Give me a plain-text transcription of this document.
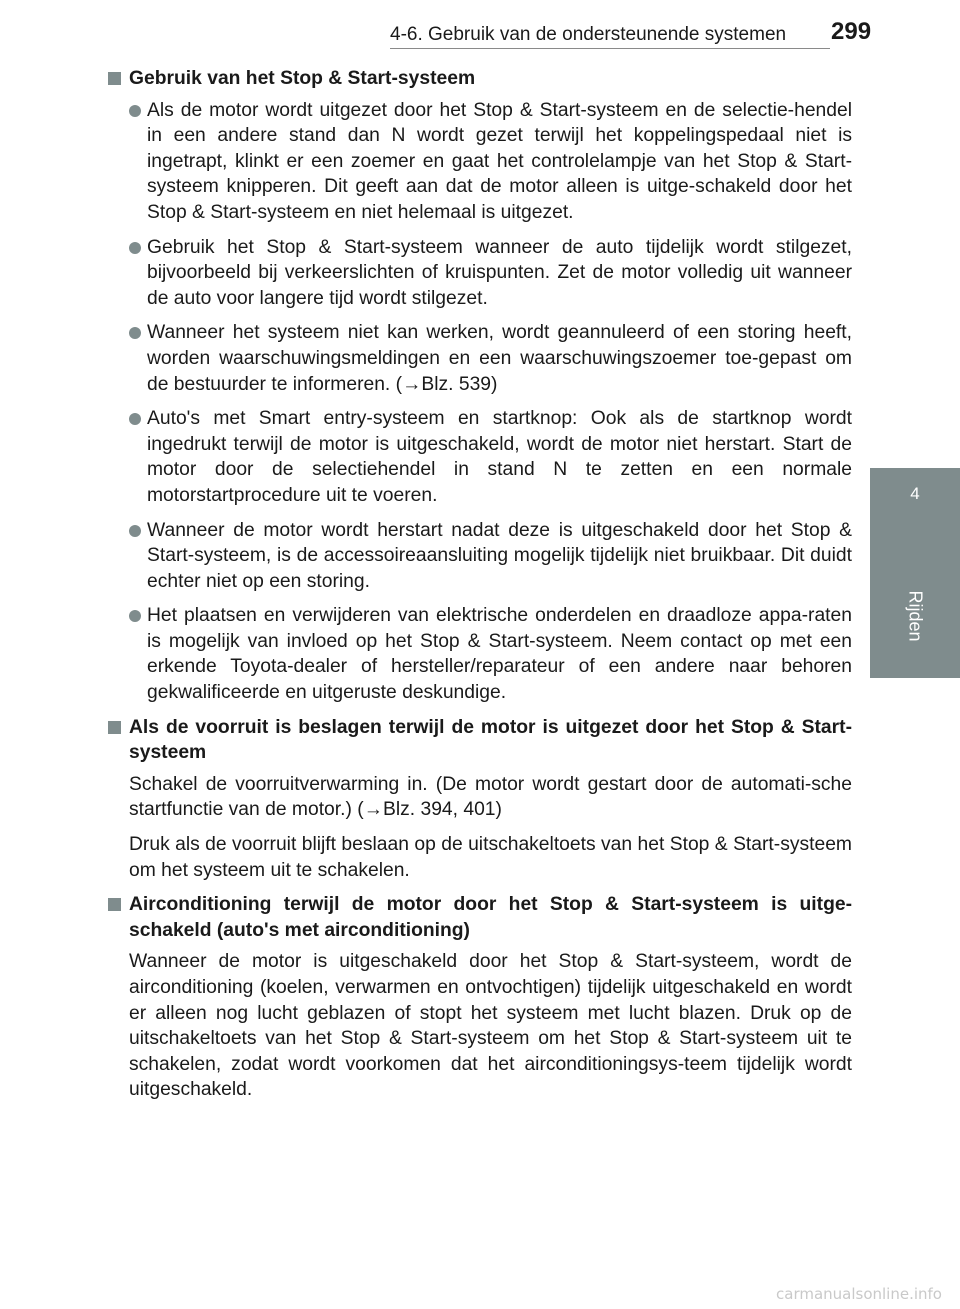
4-6. Gebruik van de ondersteunende systemen 299
4
Rijden
Gebruik van het Stop & Start-systeem
Als de motor wordt uitgezet door het Stop & Start-systeem en de selectie-hendel in een andere stand dan N wordt gezet terwijl het koppelingspedaal niet is ingetrapt, klinkt er een zoemer en gaat het controlelampje van het Stop & Start-systeem knipperen. Dit geeft aan dat de motor alleen is uitge-schakeld door het Stop & Start-systeem en niet helemaal is uitgezet.
Gebruik het Stop & Start-systeem wanneer de auto tijdelijk wordt stilgezet, bijvoorbeeld bij verkeerslichten of kruispunten. Zet de motor volledig uit wanneer de auto voor langere tijd wordt stilgezet.
Wanneer het systeem niet kan werken, wordt geannuleerd of een storing heeft, worden waarschuwingsmeldingen en een waarschuwingszoemer toe-gepast om de bestuurder te informeren. (→Blz. 539)
Auto's met Smart entry-systeem en startknop: Ook als de startknop wordt ingedrukt terwijl de motor is uitgeschakeld, wordt de motor niet herstart. Start de motor door de selectiehendel in stand N te zetten en een normale motorstartprocedure uit te voeren.
Wanneer de motor wordt herstart nadat deze is uitgeschakeld door het Stop & Start-systeem, is de accessoireaansluiting mogelijk tijdelijk niet bruikbaar. Dit duidt echter niet op een storing.
Het plaatsen en verwijderen van elektrische onderdelen en draadloze appa-raten is mogelijk van invloed op het Stop & Start-systeem. Neem contact op met een erkende Toyota-dealer of hersteller/reparateur of een andere naar behoren gekwalificeerde en uitgeruste deskundige.
Als de voorruit is beslagen terwijl de motor is uitgezet door het Stop & Start-systeem
Schakel de voorruitverwarming in. (De motor wordt gestart door de automati-sche startfunctie van de motor.) (→Blz. 394, 401)
Druk als de voorruit blijft beslaan op de uitschakeltoets van het Stop & Start-systeem om het systeem uit te schakelen.
Airconditioning terwijl de motor door het Stop & Start-systeem is uitge-schakeld (auto's met airconditioning)
Wanneer de motor is uitgeschakeld door het Stop & Start-systeem, wordt de airconditioning (koelen, verwarmen en ontvochtigen) tijdelijk uitgeschakeld en wordt er alleen nog lucht geblazen of stopt het systeem met lucht blazen. Druk op de uitschakeltoets van het Stop & Start-systeem om het Stop & Start-systeem uit te schakelen, zodat wordt voorkomen dat het airconditioningsys-teem tijdelijk wordt uitgeschakeld.
carmanualsonline.info
